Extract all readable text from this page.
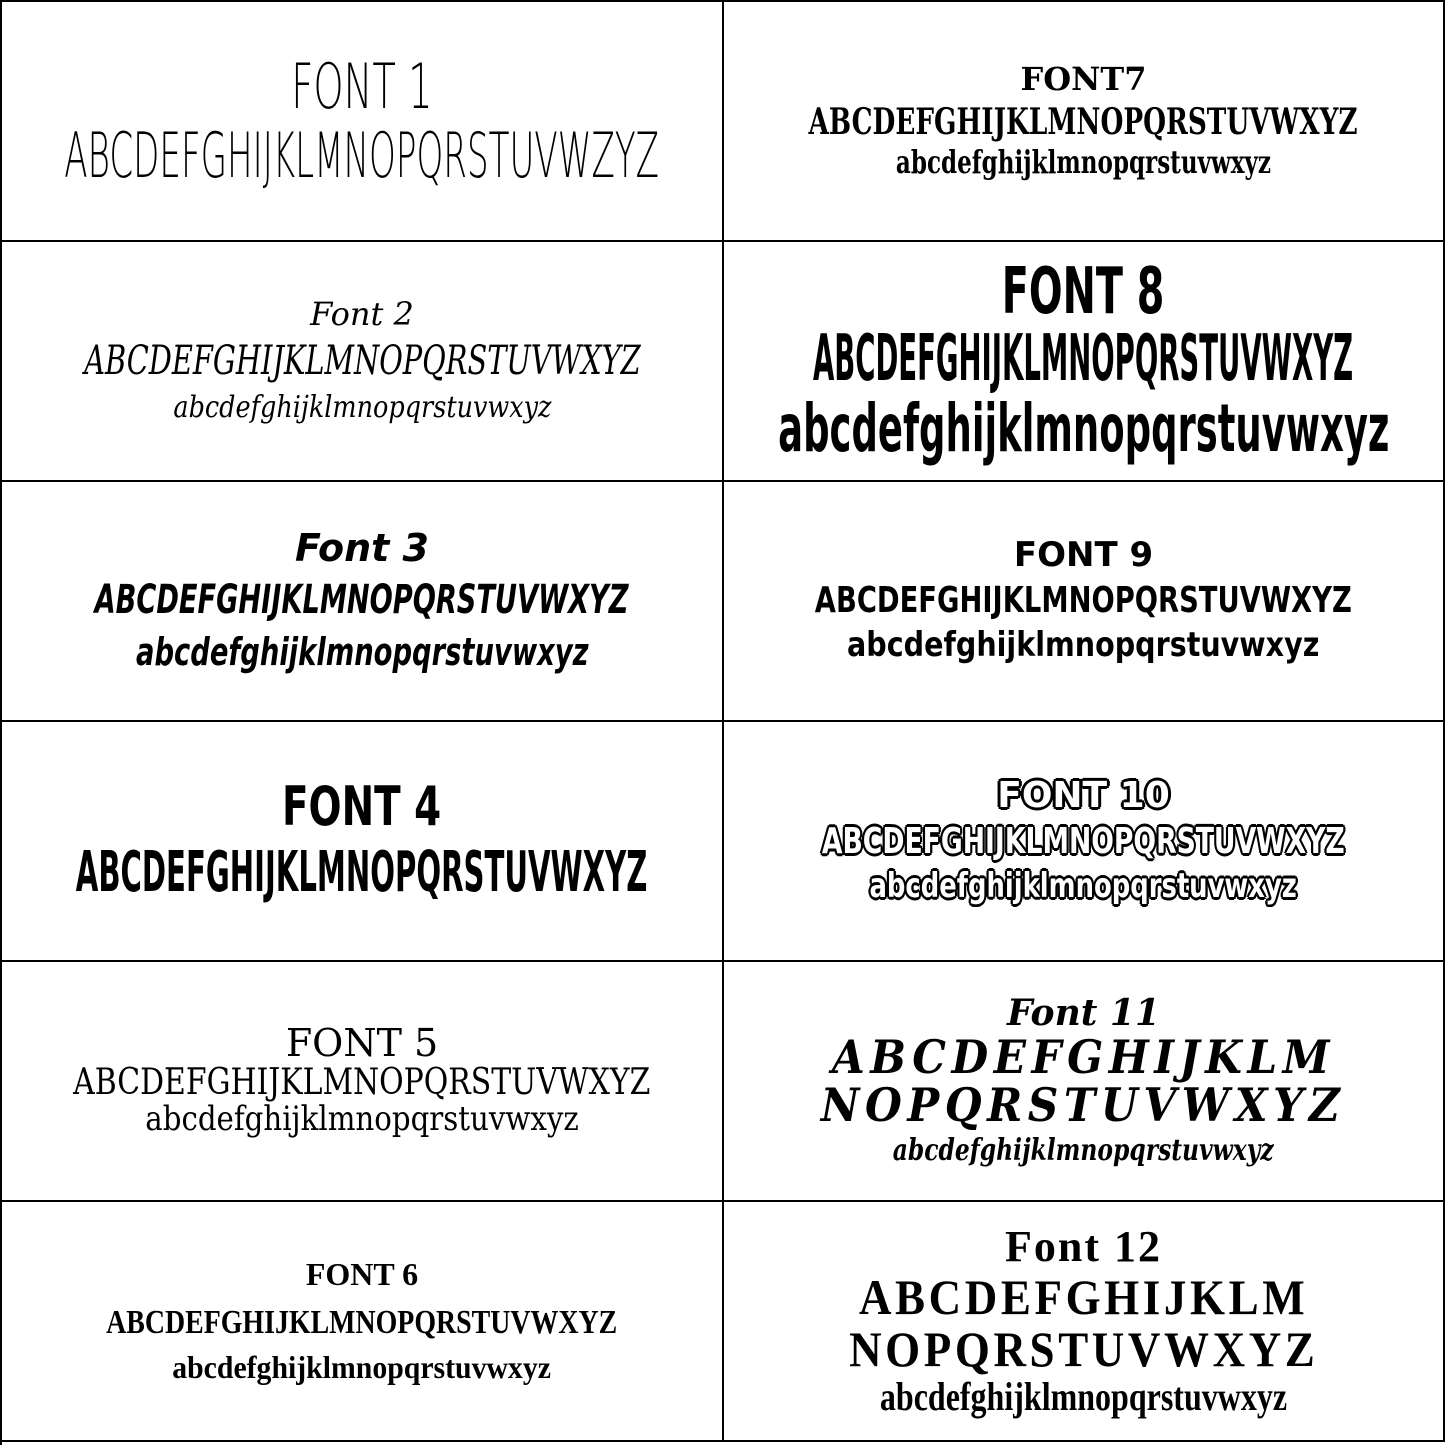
FONT 1
ABCDEFGHIJKLMNOPQRSTUVWZYZ
FONT7
ABCDEFGHIJKLMNOPQRSTUVWXYZ
abcdefghijklmnopqrstuvwxyz
Font 2
ABCDEFGHIJKLMNOPQRSTUVWXYZ
abcdefghijklmnopqrstuvwxyz
FONT 8
ABCDEFGHIJKLMNOPQRSTUVWXYZ
abcdefghijklmnopqrstuvwxyz
Font 3
ABCDEFGHIJKLMNOPQRSTUVWXYZ
abcdefghijklmnopqrstuvwxyz
FONT 9
ABCDEFGHIJKLMNOPQRSTUVWXYZ
abcdefghijklmnopqrstuvwxyz
FONT 4
ABCDEFGHIJKLMNOPQRSTUVWXYZ
FONT 10
ABCDEFGHIJKLMNOPQRSTUVWXYZ
abcdefghijklmnopqrstuvwxyz
FONT 5
ABCDEFGHIJKLMNOPQRSTUVWXYZ
abcdefghijklmnopqrstuvwxyz
Font 11
ABCDEFGHIJKLM
NOPQRSTUVWXYZ
abcdefghijklmnopqrstuvwxyz
FONT 6
ABCDEFGHIJKLMNOPQRSTUVWXYZ
abcdefghijklmnopqrstuvwxyz
Font 12
ABCDEFGHIJKLM
NOPQRSTUVWXYZ
abcdefghijklmnopqrstuvwxyz
